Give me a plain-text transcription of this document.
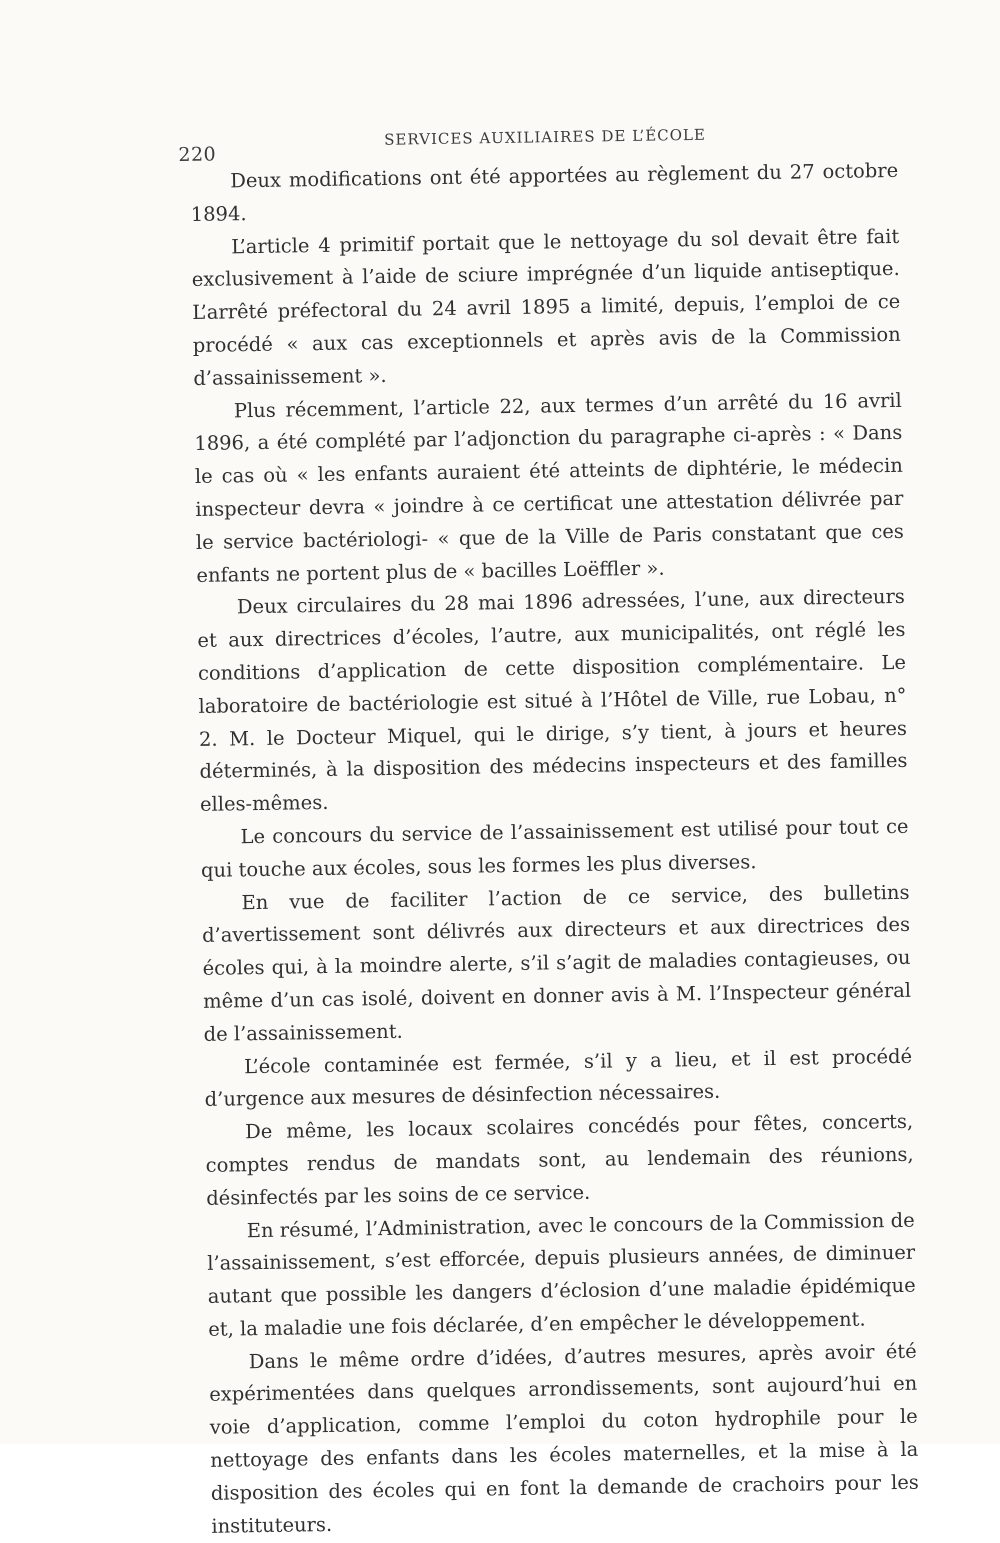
220
SERVICES AUXILIAIRES DE L’ÉCOLE

Deux modifications ont été apportées au règlement du 27 octobre 1894.

L’article 4 primitif portait que le nettoyage du sol devait être fait exclusivement à l’aide de sciure imprégnée d’un liquide antiseptique. L’arrêté préfectoral du 24 avril 1895 a limité, depuis, l’emploi de ce procédé « aux cas exceptionnels et après avis de la Commission d’assainissement ».

Plus récemment, l’article 22, aux termes d’un arrêté du 16 avril 1896, a été complété par l’adjonction du paragraphe ci-après : « Dans le cas où « les enfants auraient été atteints de diphtérie, le médecin inspecteur devra « joindre à ce certificat une attestation délivrée par le service bactériologi- « que de la Ville de Paris constatant que ces enfants ne portent plus de « bacilles Loëffler ».

Deux circulaires du 28 mai 1896 adressées, l’une, aux directeurs et aux directrices d’écoles, l’autre, aux municipalités, ont réglé les conditions d’application de cette disposition complémentaire. Le laboratoire de bactériologie est situé à l’Hôtel de Ville, rue Lobau, n° 2. M. le Docteur Miquel, qui le dirige, s’y tient, à jours et heures déterminés, à la disposition des médecins inspecteurs et des familles elles-mêmes.

Le concours du service de l’assainissement est utilisé pour tout ce qui touche aux écoles, sous les formes les plus diverses.

En vue de faciliter l’action de ce service, des bulletins d’avertissement sont délivrés aux directeurs et aux directrices des écoles qui, à la moindre alerte, s’il s’agit de maladies contagieuses, ou même d’un cas isolé, doivent en donner avis à M. l’Inspecteur général de l’assainissement.

L’école contaminée est fermée, s’il y a lieu, et il est procédé d’urgence aux mesures de désinfection nécessaires.

De même, les locaux scolaires concédés pour fêtes, concerts, comptes rendus de mandats sont, au lendemain des réunions, désinfectés par les soins de ce service.

En résumé, l’Administration, avec le concours de la Commission de l’assainissement, s’est efforcée, depuis plusieurs années, de diminuer autant que possible les dangers d’éclosion d’une maladie épidémique et, la maladie une fois déclarée, d’en empêcher le développement.

Dans le même ordre d’idées, d’autres mesures, après avoir été expérimentées dans quelques arrondissements, sont aujourd’hui en voie d’application, comme l’emploi du coton hydrophile pour le nettoyage des enfants dans les écoles maternelles, et la mise à la disposition des écoles qui en font la demande de crachoirs pour les instituteurs.
